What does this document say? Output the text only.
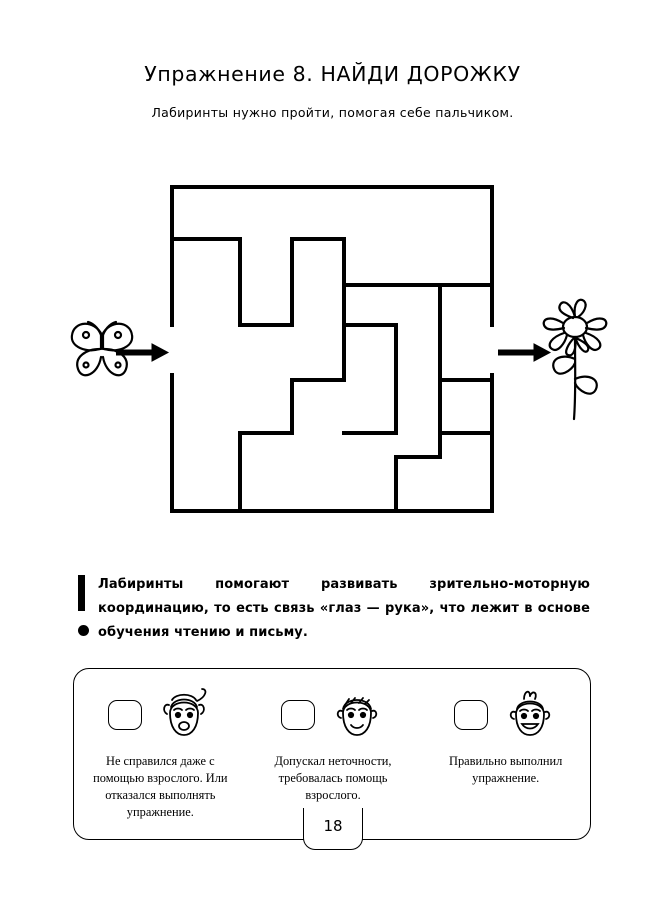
Упражнение 8. НАЙДИ ДОРОЖКУ
Лабиринты нужно пройти, помогая себе пальчиком.
Лабиринты помогают развивать зрительно-моторную координацию, то есть связь «глаз — рука», что лежит в основе обучения чтению и письму.
Не справился даже с помощью взрослого. Или отказался выполнять упражнение.
Допускал неточности, требовалась помощь взрослого.
Правильно выполнил упражнение.
18
